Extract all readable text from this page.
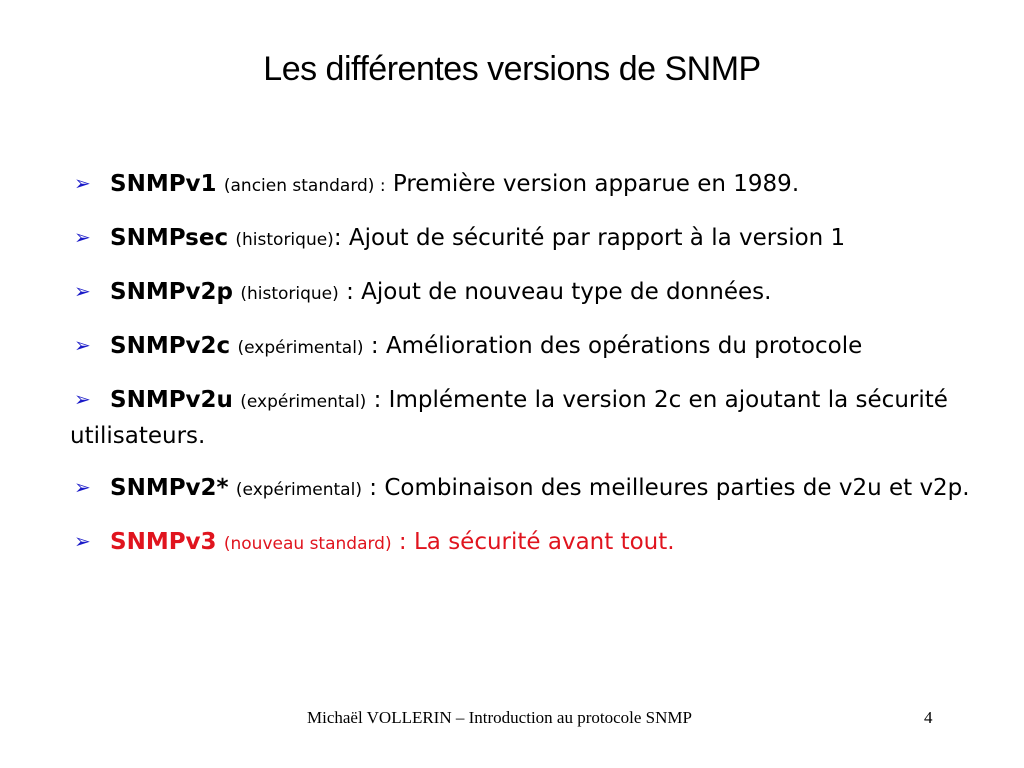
Les différentes versions de SNMP
➢ SNMPv1 (ancien standard) : Première version apparue en 1989.
➢ SNMPsec (historique): Ajout de sécurité par rapport à la version 1
➢ SNMPv2p (historique) : Ajout de nouveau type de données.
➢ SNMPv2c (expérimental) : Amélioration des opérations du protocole
➢ SNMPv2u (expérimental) : Implémente la version 2c en ajoutant la sécurité utilisateurs.
➢ SNMPv2* (expérimental) : Combinaison des meilleures parties de v2u et v2p.
➢ SNMPv3 (nouveau standard) : La sécurité avant tout.
Michaël VOLLERIN – Introduction au protocole SNMP	4
